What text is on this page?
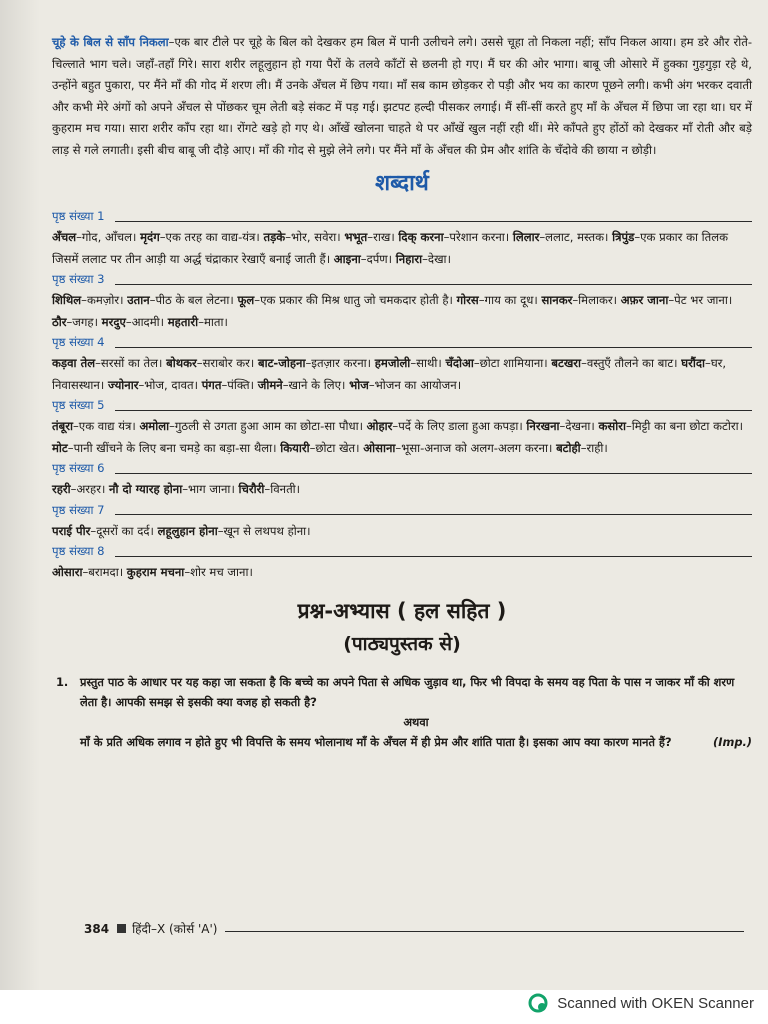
चूहे के बिल से साँप निकला–एक बार टीले पर चूहे के बिल को देखकर हम बिल में पानी उलीचने लगे। उससे चूहा तो निकला नहीं; साँप निकल आया। हम डरे और रोते-चिल्लाते भाग चले। जहाँ-तहाँ गिरे। सारा शरीर लहूलुहान हो गया पैरों के तलवे काँटों से छलनी हो गए। मैं घर की ओर भागा। बाबू जी ओसारे में हुक्का गुड़गुड़ा रहे थे, उन्होंने बहुत पुकारा, पर मैंने माँ की गोद में शरण ली। मैं उनके अँचल में छिप गया। माँ सब काम छोड़कर रो पड़ी और भय का कारण पूछने लगी। कभी अंग भरकर दवाती और कभी मेरे अंगों को अपने अँचल से पोंछकर चूम लेती बड़े संकट में पड़ गई। झटपट हल्दी पीसकर लगाई। मैं सीं-सीं करते हुए माँ के अँचल में छिपा जा रहा था। घर में कुहराम मच गया। सारा शरीर काँप रहा था। रोंगटे खड़े हो गए थे। आँखें खोलना चाहते थे पर आँखें खुल नहीं रही थीं। मेरे काँपते हुए होंठों को देखकर माँ रोती और बड़े लाड़ से गले लगाती। इसी बीच बाबू जी दौड़े आए। माँ की गोद से मुझे लेने लगे। पर मैंने माँ के अँचल की प्रेम और शांति के चँदोवे की छाया न छोड़ी।

शब्दार्थ
पृष्ठ संख्या 1

अँचल–गोद, आँचल। मृदंग–एक तरह का वाद्य-यंत्र। तड़के–भोर, सवेरा। भभूत–राख। दिक् करना–परेशान करना। लिलार–ललाट, मस्तक। त्रिपुंड–एक प्रकार का तिलक जिसमें ललाट पर तीन आड़ी या अर्द्ध चंद्राकार रेखाएँ बनाई जाती हैं। आइना–दर्पण। निहारा–देखा।

पृष्ठ संख्या 3

शिथिल–कमज़ोर। उतान–पीठ के बल लेटना। फूल–एक प्रकार की मिश्र धातु जो चमकदार होती है। गोरस–गाय का दूध। सानकर–मिलाकर। अफ़र जाना–पेट भर जाना। ठौर–जगह। मरदुए–आदमी। महतारी–माता।

पृष्ठ संख्या 4

कड़वा तेल–सरसों का तेल। बोथकर–सराबोर कर। बाट-जोहना–इतज़ार करना। हमजोली–साथी। चँदोआ–छोटा शामियाना। बटखरा–वस्तुएँ तौलने का बाट। घरौंदा–घर, निवासस्थान। ज्योनार–भोज, दावत। पंगत–पंक्ति। जीमने–खाने के लिए। भोज–भोजन का आयोजन।

पृष्ठ संख्या 5

तंबूरा–एक वाद्य यंत्र। अमोला–गुठली से उगता हुआ आम का छोटा-सा पौधा। ओहार–पर्दे के लिए डाला हुआ कपड़ा। निरखना–देखना। कसोरा–मिट्टी का बना छोटा कटोरा। मोट–पानी खींचने के लिए बना चमड़े का बड़ा-सा थैला। कियारी–छोटा खेत। ओसाना–भूसा-अनाज को अलग-अलग करना। बटोही–राही।

पृष्ठ संख्या 6

रहरी–अरहर। नौ दो ग्यारह होना–भाग जाना। चिरौरी–विनती।

पृष्ठ संख्या 7

पराई पीर–दूसरों का दर्द। लहूलुहान होना–खून से लथपथ होना।

पृष्ठ संख्या 8

ओसारा–बरामदा। कुहराम मचना–शोर मच जाना।

प्रश्न-अभ्यास ( हल सहित )
(पाठ्यपुस्तक से)
1. प्रस्तुत पाठ के आधार पर यह कहा जा सकता है कि बच्चे का अपने पिता से अधिक जुड़ाव था, फिर भी विपदा के समय वह पिता के पास न जाकर माँ की शरण लेता है। आपकी समझ से इसकी क्या वजह हो सकती है?
अथवा
माँ के प्रति अधिक लगाव न होते हुए भी विपत्ति के समय भोलानाथ माँ के अँचल में ही प्रेम और शांति पाता है। इसका आप क्या कारण मानते हैं?	(Imp.)
384 हिंदी–X (कोर्स 'A')
Scanned with OKEN Scanner
